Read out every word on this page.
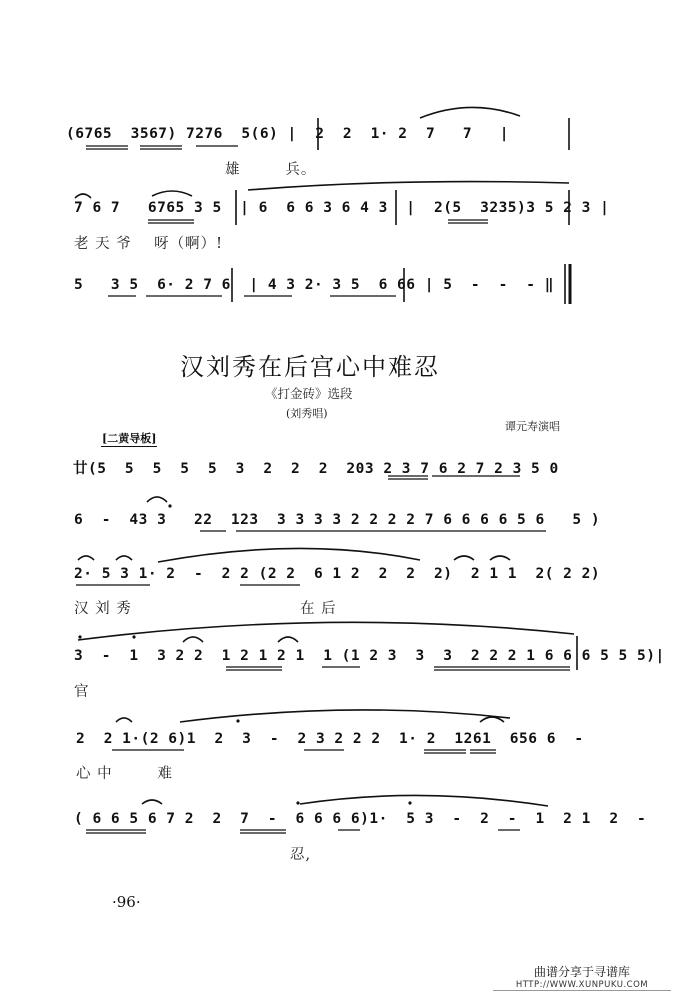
(6765  3567) 7276  5(6) |  2  2  1· 2  7   7   |
雄        兵。
7 6 7   6765 3 5  | 6  6 6 3 6 4 3  |  2(5  3235)3 5 2 3 |
老 天 爷    呀（啊）!
5   3 5  6· 2 7 6  | 4 3 2· 3 5  6 66 | 5  -  -  - ‖
汉刘秀在后宫心中难忍
《打金砖》选段
(刘秀唱)
谭元寿演唱
[二黄导板]
廿(5  5  5  5  5  3  2  2  2  203 2 3 7 6 2 7 2 3 5 0
6  -  43 3   22  123  3 3 3 3 2 2 2 2 7 6 6 6 6 5 6   5 )
2· 5 3 1· 2  -  2 2 (2 2  6 1 2  2  2  2)  2 1 1  2( 2 2)
汉 刘 秀                              在 后
3  -  1  3 2 2  1 2 1 2 1  1 (1 2 3  3  3  2 2 2 1 6 6 6 5 5 5)|
官
2  2 1·(2 6)1  2  3  -  2 3 2 2 2  1· 2  1261  656 6  -
心 中        难
( 6 6 5 6 7 2  2  7  -  6 6 6 6)1·  5 3  -  2  -  1  2 1  2  -
忍,
·96·
曲谱分享于寻谱库
HTTP://WWW.XUNPUKU.COM
